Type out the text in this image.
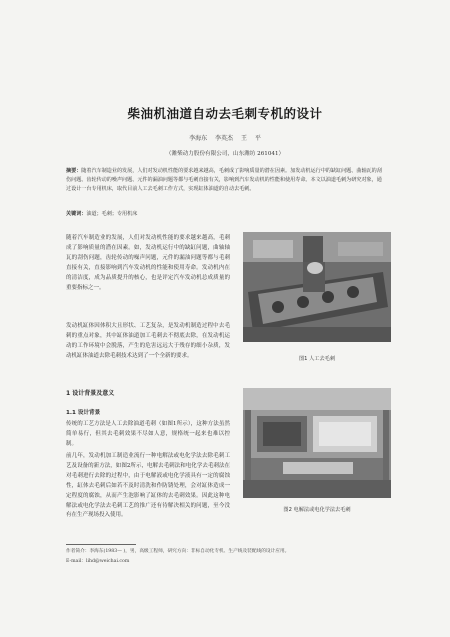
柴油机油道自动去毛刺专机的设计
李海东 李英杰 王 平
（潍柴动力股份有限公司，山东潍坊 261041）
摘要：随着汽车制造业的发展，人们对发动机性能的要求越来越高，毛刺成了影响质量的潜在因素。加发动机运行中的缺缸问题、曲轴瓦的刮伤问题、齿轮传动的噪声问题、元件的漏油问题等都与毛刺直接有关，影响到汽车发动机的性能和使用寿命。本文以油道毛刺为研究对象，通过设计一台专用机床，取代目前人工去毛刺工作方式，实现缸体油道的自动去毛刺。
关键词：油道；毛刺；专用机床
随着汽车制造业的发展，人们对发动机性能的要求越来越高，毛刺成了影响质量的潜在因素。如，发动机运行中的缺缸问题，曲轴轴瓦的刮伤问题，齿轮传动的噪声问题，元件的漏油问题等都与毛刺直接有关，直接影响到汽车发动机的性能和使用寿命。发动机内在的清洁度，成为品质提升的核心，也是评定汽车发动机总成质量的重要指标之一。
发动机缸体因体积大且形状、工艺复杂，是发动机制造过程中去毛刺的重点对象，其中缸体油道加工毛刺去不彻底去除，在发动机运动的工作环境中会脱落，产生的危害远远大于残存的细小杂质，发动机缸体油道去除毛刺技术达到了一个全新的要求。
1 设计背景及意义
1.1 设计背景
传统的工艺方法是人工去除油道毛刺（如图1所示），这种方法虽然简单易行，但其去毛刺效果不尽如人意，规格统一起来也难以控制。
前几年，发动机加工制造业流行一种电解法或电化学法去除毛刺工艺及设备的新方法，如图2所示，电解去毛刺法和电化学去毛刺法在对毛刺进行去除的过程中，由于电解液或电化学液具有一定的腐蚀性，缸体去毛刺后如若不及时清洗和作防锈处理，会对缸体造成一定程度的腐蚀，从而产生泡影响了缸体的去毛刺效果。因此这种电解法或电化学法去毛刺工艺的推广还有待解决相关的问题，至今没有在生产现场投入使用。
图1 人工去毛刺
图2 电解法或电化学法去毛刺
作者简介：李海东(1983— )，男，高级工程师，研究方向：非标自动化专机、生产线及装配线的设计应用。
E-mail：lihd@weichai.com
